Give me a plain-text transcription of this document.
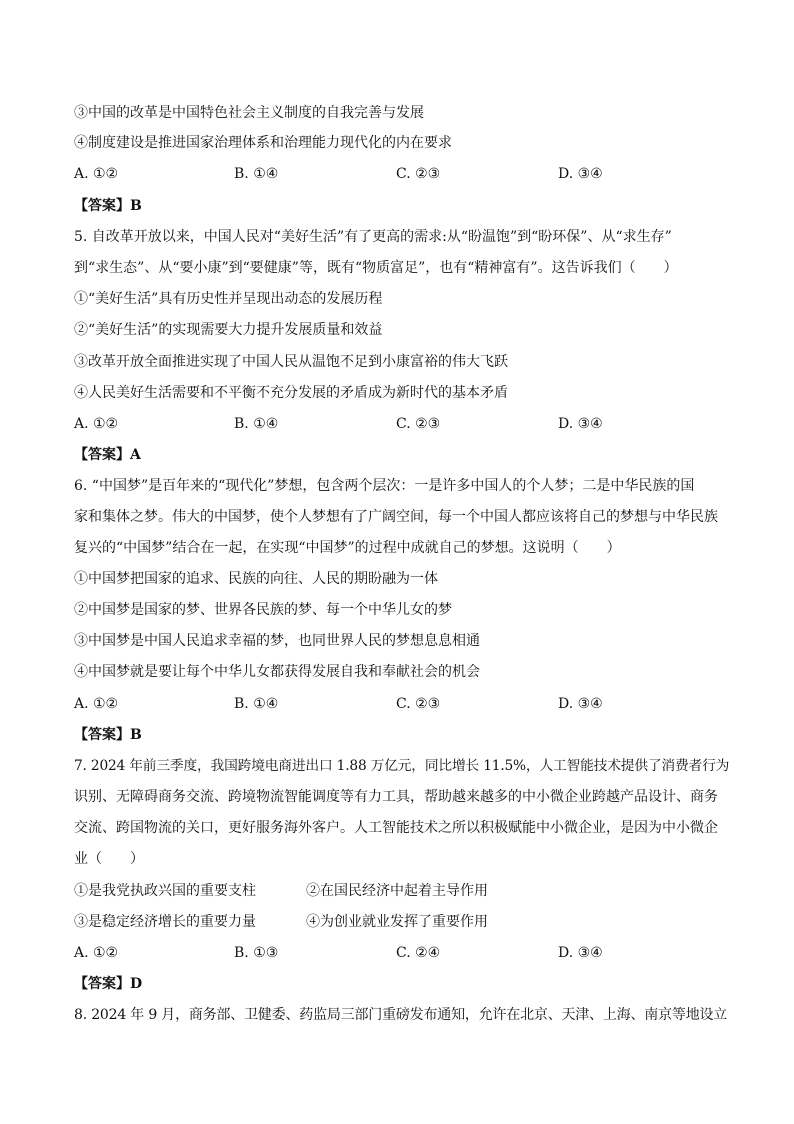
③中国的改革是中国特色社会主义制度的自我完善与发展
④制度建设是推进国家治理体系和治理能力现代化的内在要求
A. ①②	B. ①④	C. ②③	D. ③④
【答案】B
5. 自改革开放以来，中国人民对“美好生活”有了更高的需求:从“盼温饱”到“盼环保”、从“求生存”
到“求生态”、从“要小康”到“要健康”等，既有“物质富足”，也有“精神富有”。这告诉我们（　　）
①“美好生活”具有历史性并呈现出动态的发展历程
②“美好生活”的实现需要大力提升发展质量和效益
③改革开放全面推进实现了中国人民从温饱不足到小康富裕的伟大飞跃
④人民美好生活需要和不平衡不充分发展的矛盾成为新时代的基本矛盾
A. ①②	B. ①④	C. ②③	D. ③④
【答案】A
6. “中国梦”是百年来的“现代化”梦想，包含两个层次：一是许多中国人的个人梦；二是中华民族的国
家和集体之梦。伟大的中国梦，使个人梦想有了广阔空间，每一个中国人都应该将自己的梦想与中华民族
复兴的“中国梦”结合在一起，在实现“中国梦”的过程中成就自己的梦想。这说明（　　）
①中国梦把国家的追求、民族的向往、人民的期盼融为一体
②中国梦是国家的梦、世界各民族的梦、每一个中华儿女的梦
③中国梦是中国人民追求幸福的梦，也同世界人民的梦想息息相通
④中国梦就是要让每个中华儿女都获得发展自我和奉献社会的机会
A. ①②	B. ①④	C. ②③	D. ③④
【答案】B
7. 2024 年前三季度，我国跨境电商进出口 1.88 万亿元，同比增长 11.5%，人工智能技术提供了消费者行为
识别、无障碍商务交流、跨境物流智能调度等有力工具，帮助越来越多的中小微企业跨越产品设计、商务
交流、跨国物流的关口，更好服务海外客户。人工智能技术之所以积极赋能中小微企业，是因为中小微企
业（　　）
①是我党执政兴国的重要支柱	②在国民经济中起着主导作用
③是稳定经济增长的重要力量	④为创业就业发挥了重要作用
A. ①②	B. ①③	C. ②④	D. ③④
【答案】D
8. 2024 年 9 月，商务部、卫健委、药监局三部门重磅发布通知，允许在北京、天津、上海、南京等地设立
